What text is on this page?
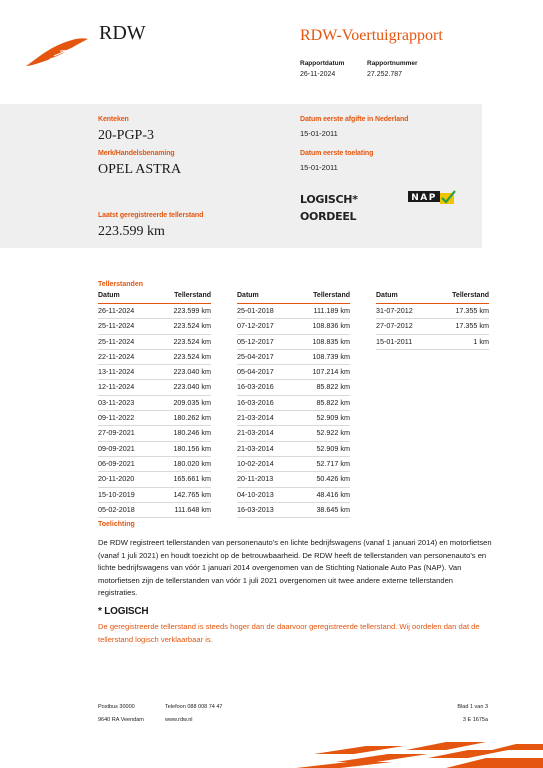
RDW	RDW-Voertuigrapport
Rapportdatum
26-11-2024
Rapportnummer
27.252.787
Kenteken
20-PGP-3
Merk/Handelsbenaming
OPEL ASTRA
Laatst geregistreerde tellerstand
223.599 km
Datum eerste afgifte in Nederland
15-01-2011
Datum eerste toelating
15-01-2011
LOGISCH*
OORDEEL
NAP
Tellerstanden
Datum	Tellerstand
26-11-2024	223.599 km
25-11-2024	223.524 km
25-11-2024	223.524 km
22-11-2024	223.524 km
13-11-2024	223.040 km
12-11-2024	223.040 km
03-11-2023	209.035 km
09-11-2022	180.262 km
27-09-2021	180.246 km
09-09-2021	180.156 km
06-09-2021	180.020 km
20-11-2020	165.661 km
15-10-2019	142.765 km
05-02-2018	111.648 km
Datum	Tellerstand
25-01-2018	111.189 km
07-12-2017	108.836 km
05-12-2017	108.835 km
25-04-2017	108.739 km
05-04-2017	107.214 km
16-03-2016	85.822 km
16-03-2016	85.822 km
21-03-2014	52.909 km
21-03-2014	52.922 km
21-03-2014	52.909 km
10-02-2014	52.717 km
20-11-2013	50.426 km
04-10-2013	48.416 km
16-03-2013	38.645 km
Datum	Tellerstand
31-07-2012	17.355 km
27-07-2012	17.355 km
15-01-2011	1 km
Toelichting
De RDW registreert tellerstanden van personenauto's en lichte bedrijfswagens (vanaf 1 januari 2014) en motorfietsen (vanaf 1 juli 2021) en houdt toezicht op de betrouwbaarheid. De RDW heeft de tellerstanden van personenauto's en lichte bedrijfswagens van vóór 1 januari 2014 overgenomen van de Stichting Nationale Auto Pas (NAP). Van motorfietsen zijn de tellerstanden van vóór 1 juli 2021 overgenomen uit twee andere externe tellerstanden registraties.
* LOGISCH
De geregistreerde tellerstand is steeds hoger dan de daarvoor geregistreerde tellerstand. Wij oordelen dan dat de tellerstand logisch verklaarbaar is.
Postbus 30000
9640 RA Veendam
Telefoon 088 008 74 47
www.rdw.nl
Blad 1 van 3
3 E 1675a
